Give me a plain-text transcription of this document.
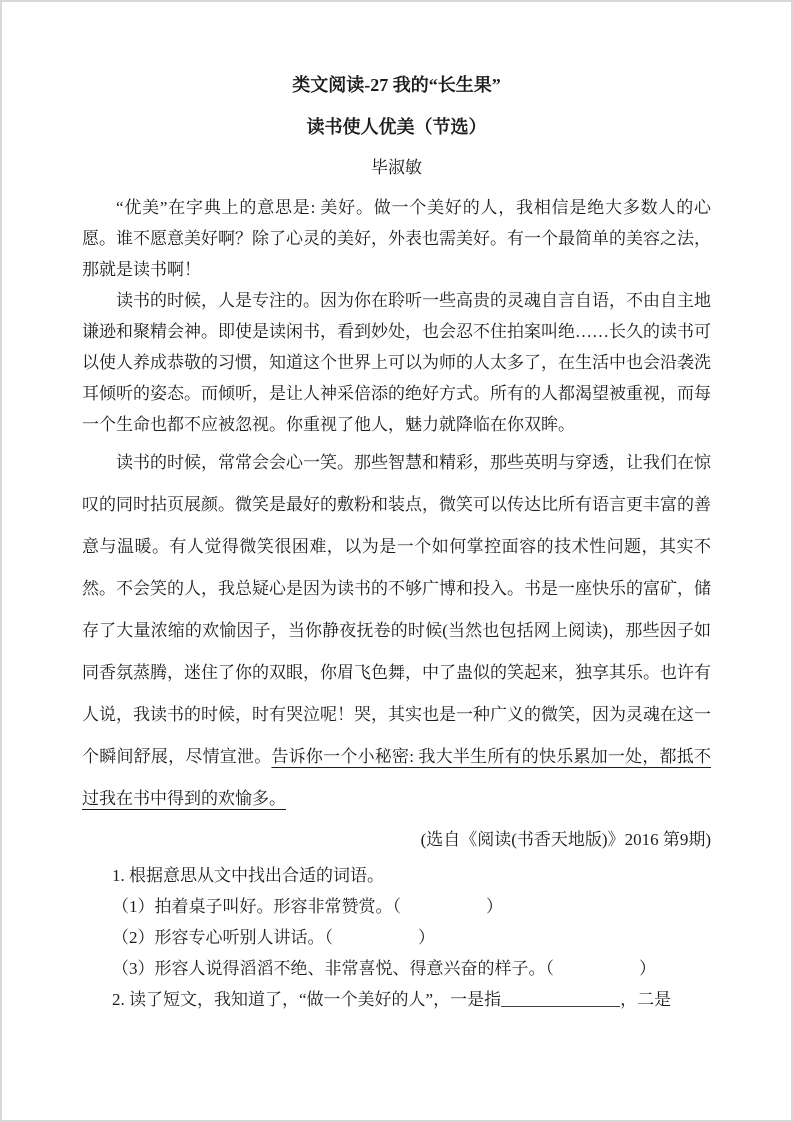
类文阅读-27 我的“长生果”
读书使人优美（节选）
毕淑敏

“优美”在字典上的意思是: 美好。做一个美好的人，我相信是绝大多数人的心愿。谁不愿意美好啊？除了心灵的美好，外表也需美好。有一个最简单的美容之法，那就是读书啊！

读书的时候，人是专注的。因为你在聆听一些高贵的灵魂自言自语，不由自主地谦逊和聚精会神。即使是读闲书，看到妙处，也会忍不住拍案叫绝……长久的读书可以使人养成恭敬的习惯，知道这个世界上可以为师的人太多了，在生活中也会沿袭洗耳倾听的姿态。而倾听，是让人神采倍添的绝好方式。所有的人都渴望被重视，而每一个生命也都不应被忽视。你重视了他人，魅力就降临在你双眸。

读书的时候，常常会会心一笑。那些智慧和精彩，那些英明与穿透，让我们在惊叹的同时拈页展颜。微笑是最好的敷粉和装点，微笑可以传达比所有语言更丰富的善意与温暖。有人觉得微笑很困难，以为是一个如何掌控面容的技术性问题，其实不然。不会笑的人，我总疑心是因为读书的不够广博和投入。书是一座快乐的富矿，储存了大量浓缩的欢愉因子，当你静夜抚卷的时候(当然也包括网上阅读)，那些因子如同香氛蒸腾，迷住了你的双眼，你眉飞色舞，中了蛊似的笑起来，独享其乐。也许有人说，我读书的时候，时有哭泣呢！哭，其实也是一种广义的微笑，因为灵魂在这一个瞬间舒展，尽情宣泄。告诉你一个小秘密: 我大半生所有的快乐累加一处，都抵不过我在书中得到的欢愉多。

(选自《阅读(书香天地版)》2016 第9期)

1. 根据意思从文中找出合适的词语。

（1）拍着桌子叫好。形容非常赞赏。（　　　　　）

（2）形容专心听别人讲话。（　　　　　）

（3）形容人说得滔滔不绝、非常喜悦、得意兴奋的样子。（　　　　　）

2. 读了短文，我知道了，“做一个美好的人”，一是指______________，二是
